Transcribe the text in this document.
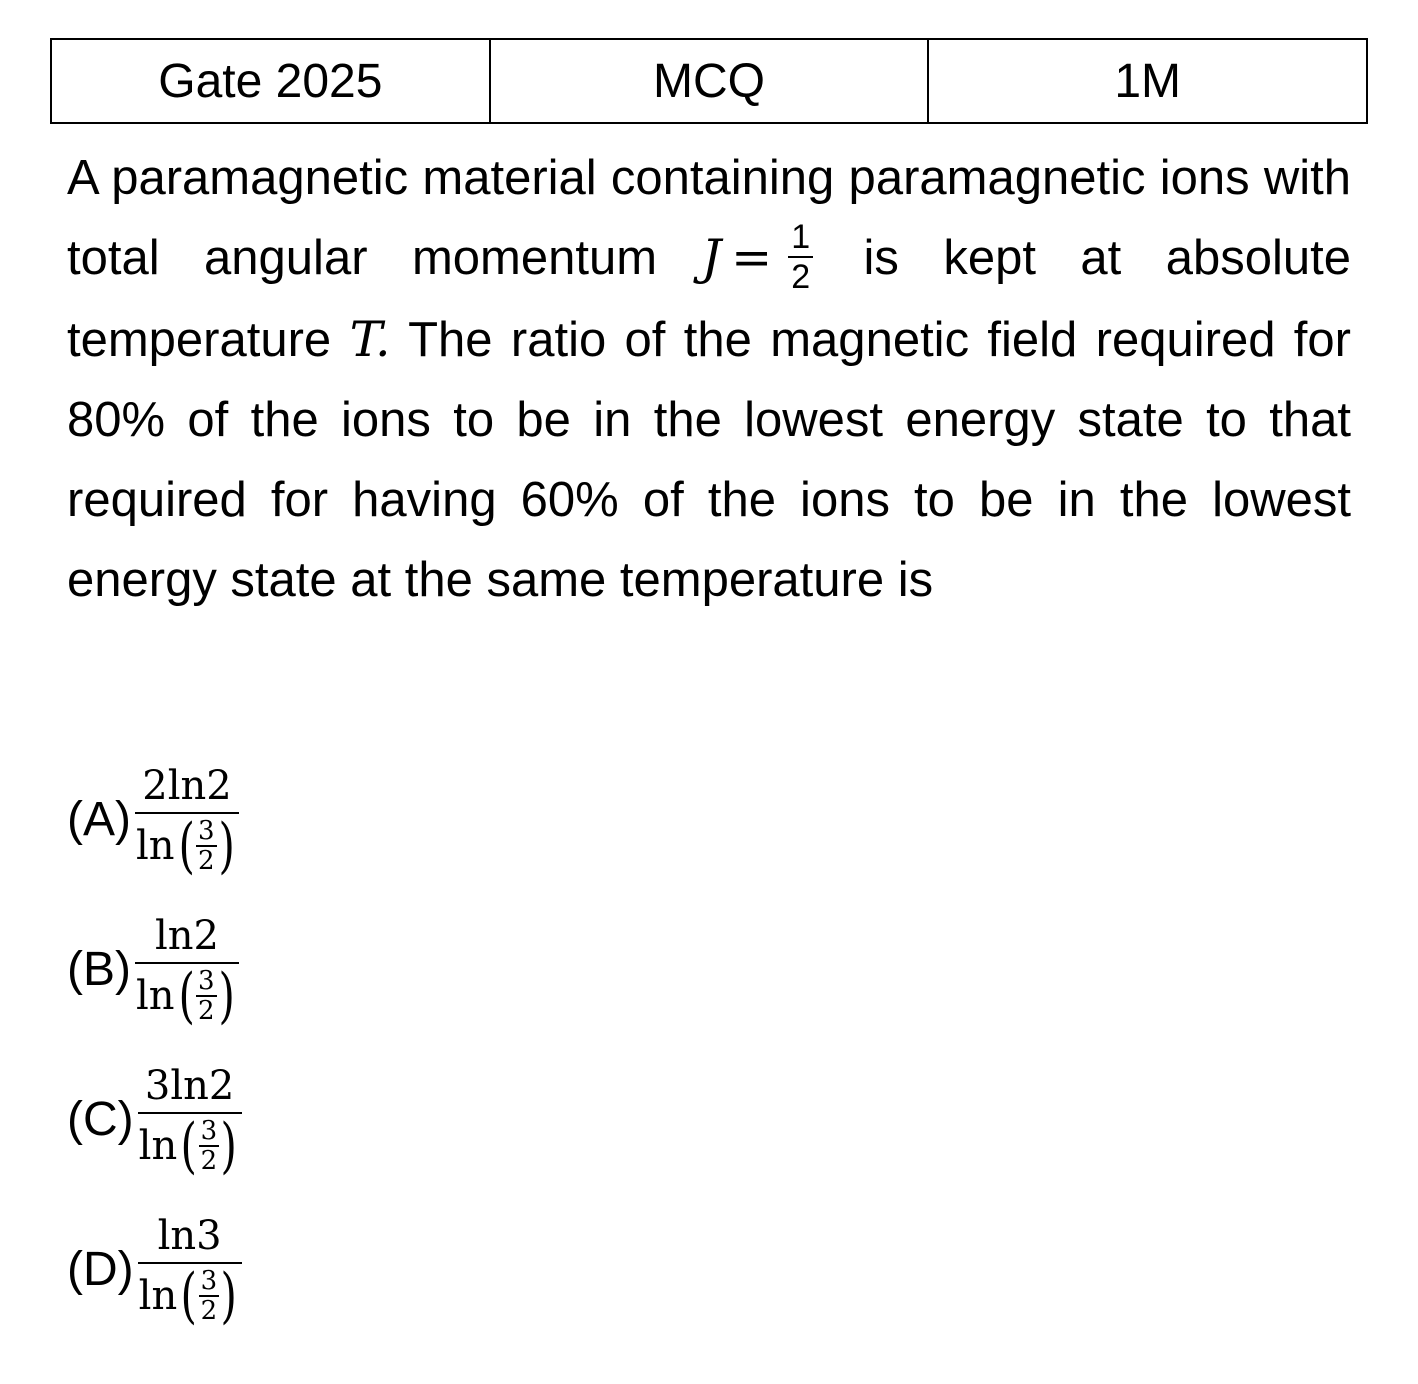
Gate 2025	MCQ	1M
A paramagnetic material containing paramagnetic ions with total angular momentum $J = \frac{1}{2}$ is kept at absolute temperature T. The ratio of the magnetic field required for 80% of the ions to be in the lowest energy state to that required for having 60% of the ions to be in the lowest energy state at the same temperature is
(A)
2ln2
ln ( $\frac{3}{2}$ )
(B)
ln2
ln ( $\frac{3}{2}$ )
(C)
3ln2
ln ( $\frac{3}{2}$ )
(D)
ln3
ln ( $\frac{3}{2}$ )
